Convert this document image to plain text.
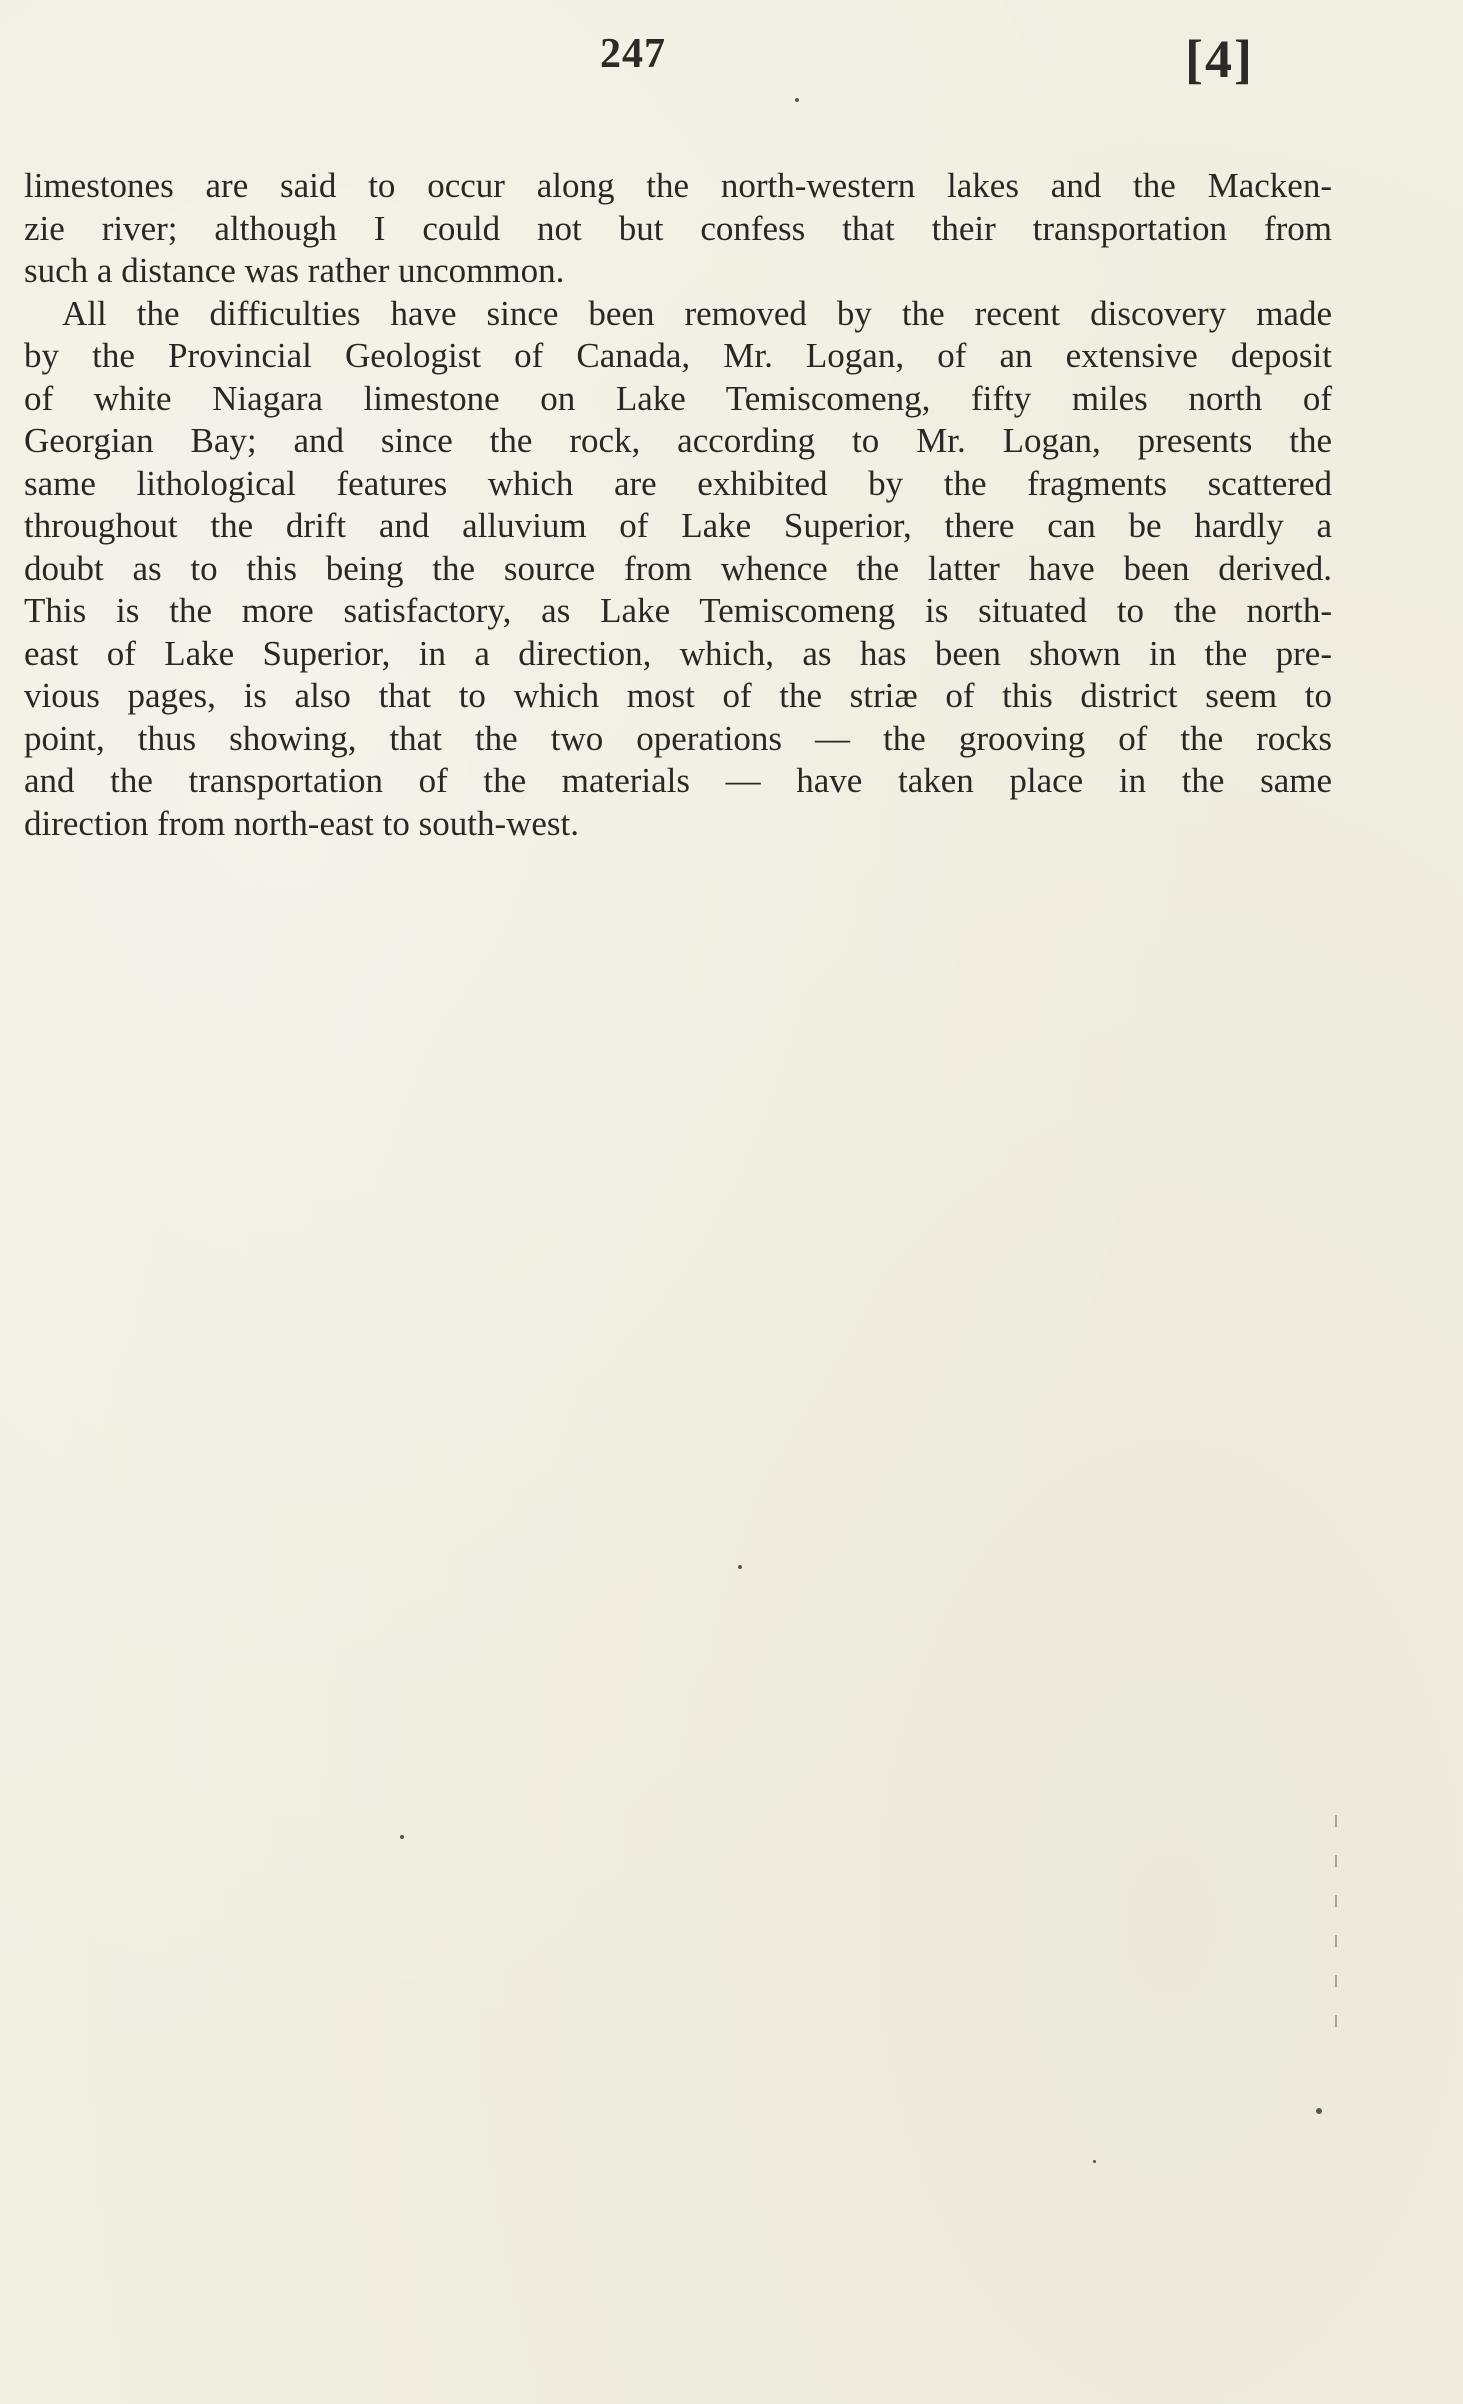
247	[4]

limestones are said to occur along the north-western lakes and the Macken-
zie river; although I could not but confess that their transportation from
such a distance was rather uncommon.

All the difficulties have since been removed by the recent discovery made
by the Provincial Geologist of Canada, Mr. Logan, of an extensive deposit
of white Niagara limestone on Lake Temiscomeng, fifty miles north of
Georgian Bay; and since the rock, according to Mr. Logan, presents the
same lithological features which are exhibited by the fragments scattered
throughout the drift and alluvium of Lake Superior, there can be hardly a
doubt as to this being the source from whence the latter have been derived.
This is the more satisfactory, as Lake Temiscomeng is situated to the north-
east of Lake Superior, in a direction, which, as has been shown in the pre-
vious pages, is also that to which most of the striæ of this district seem to
point, thus showing, that the two operations — the grooving of the rocks
and the transportation of the materials — have taken place in the same
direction from north-east to south-west.
